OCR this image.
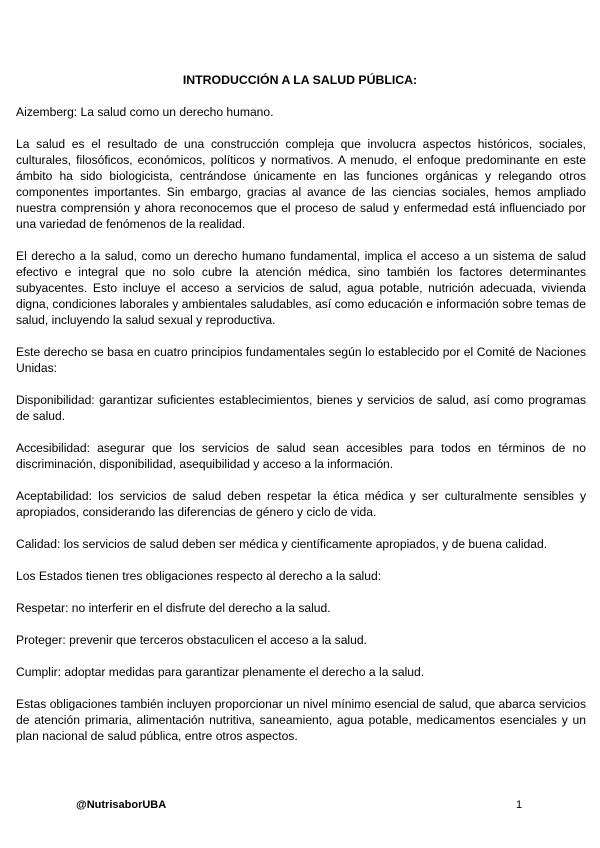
INTRODUCCIÓN A LA SALUD PÚBLICA:

Aizemberg: La salud como un derecho humano.

La salud es el resultado de una construcción compleja que involucra aspectos históricos, sociales, culturales, filosóficos, económicos, políticos y normativos. A menudo, el enfoque predominante en este ámbito ha sido biologicista, centrándose únicamente en las funciones orgánicas y relegando otros componentes importantes. Sin embargo, gracias al avance de las ciencias sociales, hemos ampliado nuestra comprensión y ahora reconocemos que el proceso de salud y enfermedad está influenciado por una variedad de fenómenos de la realidad.

El derecho a la salud, como un derecho humano fundamental, implica el acceso a un sistema de salud efectivo e integral que no solo cubre la atención médica, sino también los factores determinantes subyacentes. Esto incluye el acceso a servicios de salud, agua potable, nutrición adecuada, vivienda digna, condiciones laborales y ambientales saludables, así como educación e información sobre temas de salud, incluyendo la salud sexual y reproductiva.

Este derecho se basa en cuatro principios fundamentales según lo establecido por el Comité de Naciones Unidas:

Disponibilidad: garantizar suficientes establecimientos, bienes y servicios de salud, así como programas de salud.

Accesibilidad: asegurar que los servicios de salud sean accesibles para todos en términos de no discriminación, disponibilidad, asequibilidad y acceso a la información.

Aceptabilidad: los servicios de salud deben respetar la ética médica y ser culturalmente sensibles y apropiados, considerando las diferencias de género y ciclo de vida.

Calidad: los servicios de salud deben ser médica y científicamente apropiados, y de buena calidad.

Los Estados tienen tres obligaciones respecto al derecho a la salud:

Respetar: no interferir en el disfrute del derecho a la salud.

Proteger: prevenir que terceros obstaculicen el acceso a la salud.

Cumplir: adoptar medidas para garantizar plenamente el derecho a la salud.

Estas obligaciones también incluyen proporcionar un nivel mínimo esencial de salud, que abarca servicios de atención primaria, alimentación nutritiva, saneamiento, agua potable, medicamentos esenciales y un plan nacional de salud pública, entre otros aspectos.

@NutrisaborUBA	1
